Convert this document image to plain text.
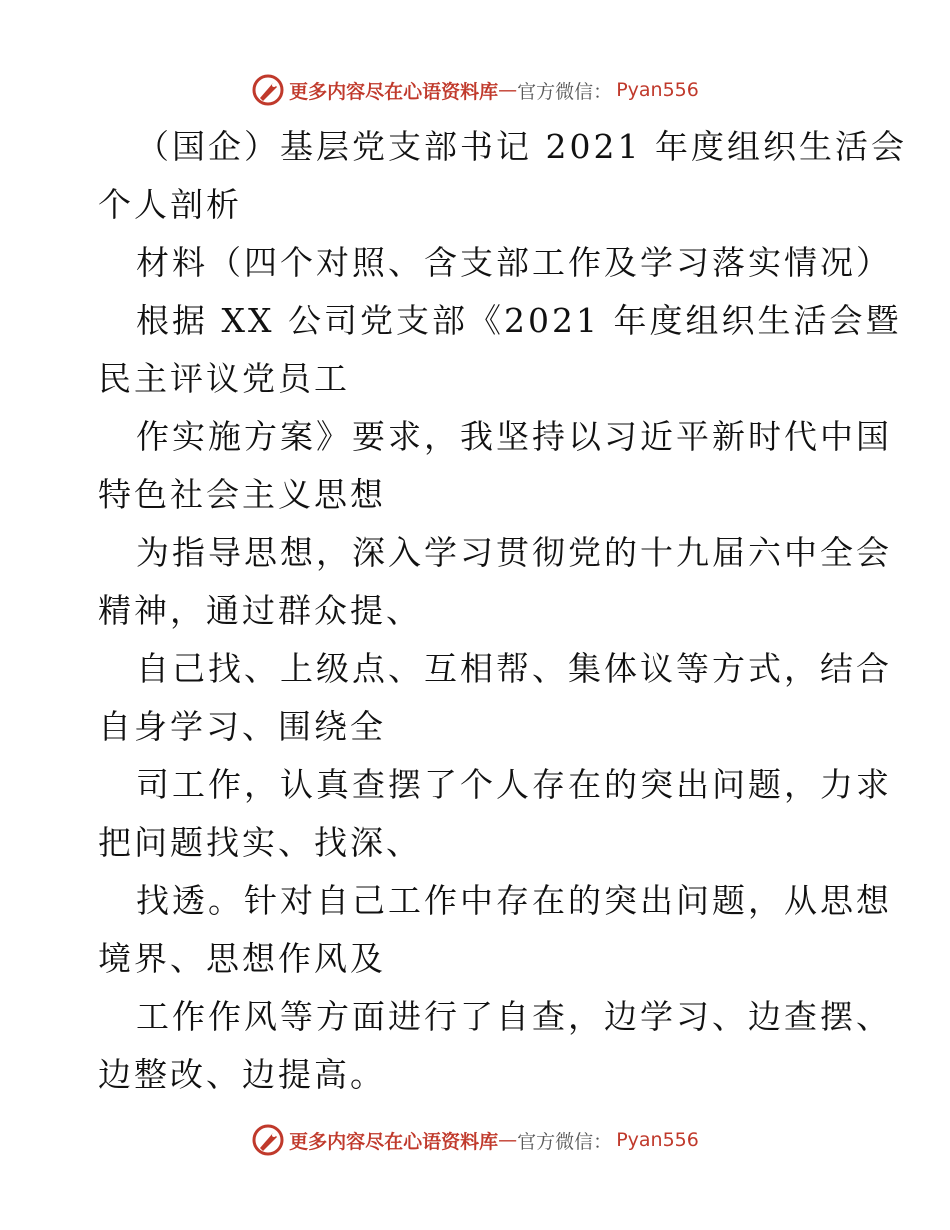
更多内容尽在心语资料库 — 官方微信： Pyan556
（国企）基层党支部书记 2021 年度组织生活会
个人剖析
材料（四个对照、含支部工作及学习落实情况）
根据 XX 公司党支部《2021 年度组织生活会暨
民主评议党员工
作实施方案》要求，我坚持以习近平新时代中国
特色社会主义思想
为指导思想，深入学习贯彻党的十九届六中全会
精神，通过群众提、
自己找、上级点、互相帮、集体议等方式，结合
自身学习、围绕全
司工作，认真查摆了个人存在的突出问题，力求
把问题找实、找深、
找透。针对自己工作中存在的突出问题，从思想
境界、思想作风及
工作作风等方面进行了自查，边学习、边查摆、
边整改、边提高。
更多内容尽在心语资料库 — 官方微信： Pyan556
